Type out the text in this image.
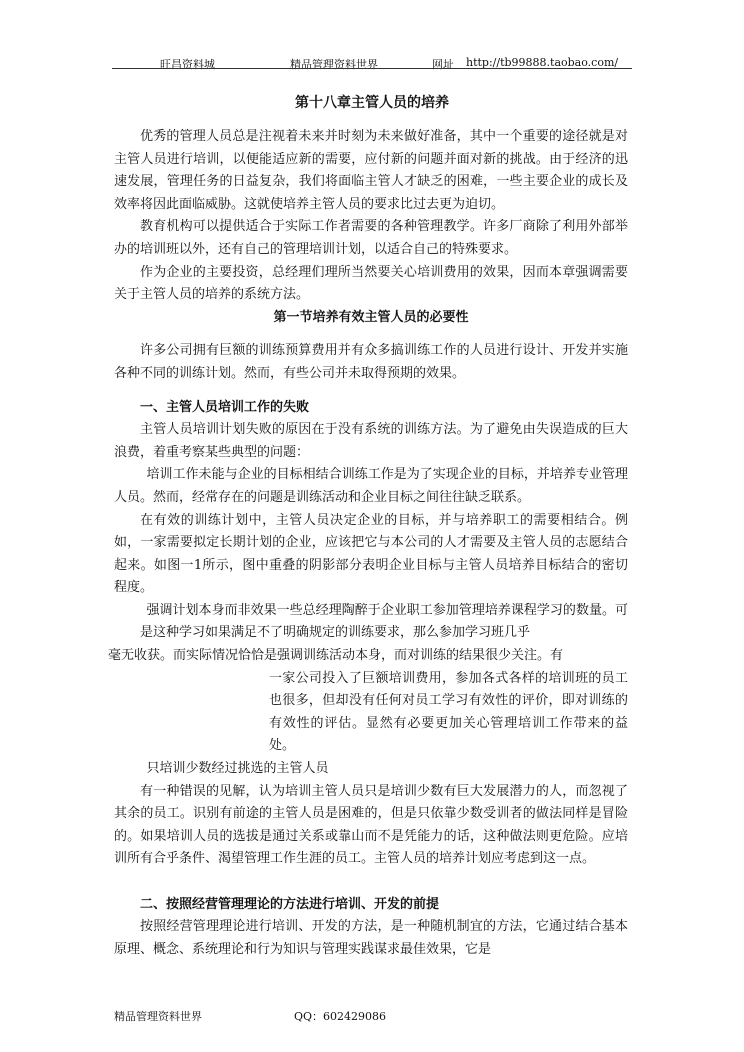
旺昌资料城	精品管理资料世界	网址 http://tb99888.taobao.com/
第十八章主管人员的培养

优秀的管理人员总是注视着未来并时刻为未来做好准备，其中一个重要的途径就是对主管人员进行培训，以便能适应新的需要，应付新的问题并面对新的挑战。由于经济的迅速发展，管理任务的日益复杂，我们将面临主管人才缺乏的困难，一些主要企业的成长及效率将因此面临威胁。这就使培养主管人员的要求比过去更为迫切。

教育机构可以提供适合于实际工作者需要的各种管理教学。许多厂商除了利用外部举办的培训班以外，还有自己的管理培训计划，以适合自己的特殊要求。

作为企业的主要投资，总经理们理所当然要关心培训费用的效果，因而本章强调需要关于主管人员的培养的系统方法。

第一节培养有效主管人员的必要性

许多公司拥有巨额的训练预算费用并有众多搞训练工作的人员进行设计、开发并实施各种不同的训练计划。然而，有些公司并未取得预期的效果。

一、主管人员培训工作的失败

主管人员培训计划失败的原因在于没有系统的训练方法。为了避免由失误造成的巨大浪费，着重考察某些典型的问题：

培训工作未能与企业的目标相结合训练工作是为了实现企业的目标，并培养专业管理人员。然而，经常存在的问题是训练活动和企业目标之间往往缺乏联系。

在有效的训练计划中，主管人员决定企业的目标，并与培养职工的需要相结合。例如，一家需要拟定长期计划的企业，应该把它与本公司的人才需要及主管人员的志愿结合起来。如图一1所示，图中重叠的阴影部分表明企业目标与主管人员培养目标结合的密切程度。

强调计划本身而非效果一些总经理陶醉于企业职工参加管理培养课程学习的数量。可是这种学习如果满足不了明确规定的训练要求，那么参加学习班几乎

毫无收获。而实际情况恰恰是强调训练活动本身，而对训练的结果很少关注。有

一家公司投入了巨额培训费用，参加各式各样的培训班的员工也很多，但却没有任何对员工学习有效性的评价，即对训练的有效性的评估。显然有必要更加关心管理培训工作带来的益处。

只培训少数经过挑选的主管人员

有一种错误的见解，认为培训主管人员只是培训少数有巨大发展潜力的人，而忽视了其余的员工。识别有前途的主管人员是困难的，但是只依靠少数受训者的做法同样是冒险的。如果培训人员的选拔是通过关系或靠山而不是凭能力的话，这种做法则更危险。应培训所有合乎条件、渴望管理工作生涯的员工。主管人员的培养计划应考虑到这一点。

二、按照经营管理理论的方法进行培训、开发的前提

按照经营管理理论进行培训、开发的方法，是一种随机制宜的方法，它通过结合基本原理、概念、系统理论和行为知识与管理实践谋求最佳效果，它是

精品管理资料世界	QQ：602429086
